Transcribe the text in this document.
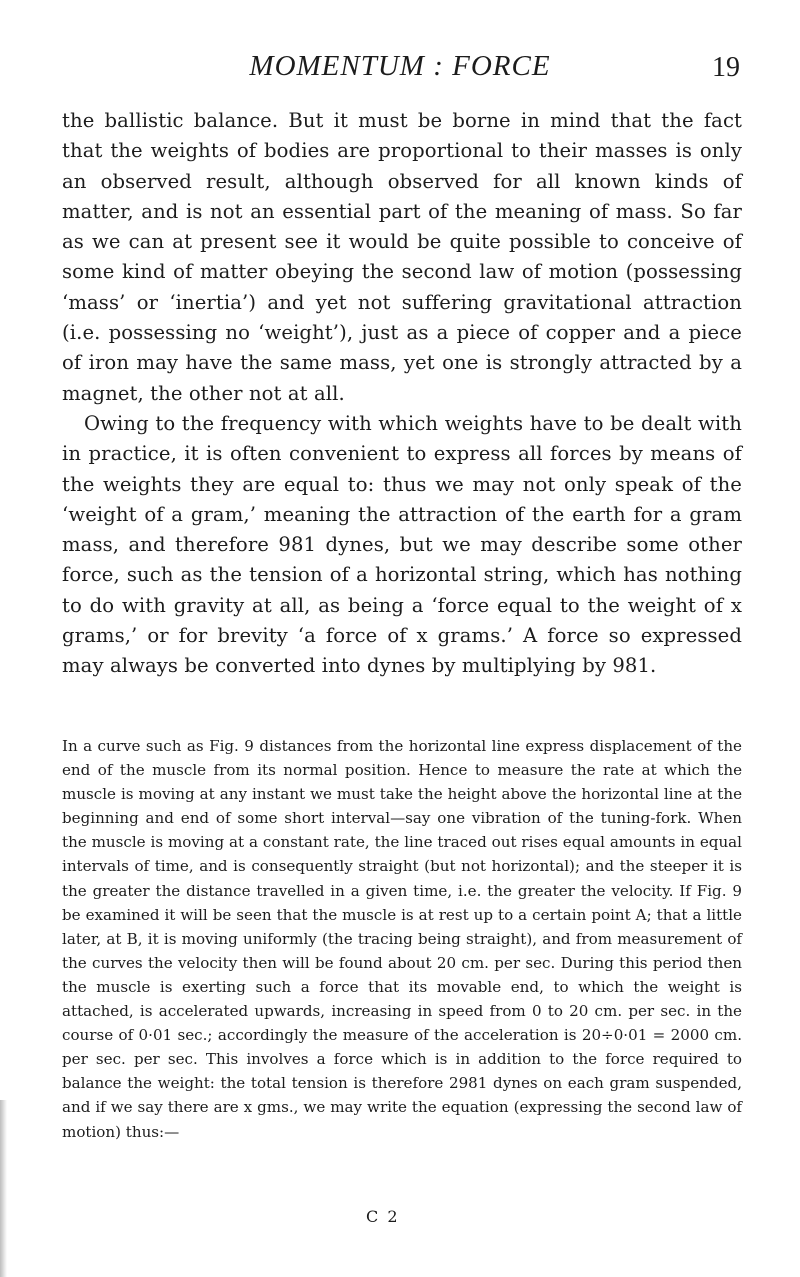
MOMENTUM : FORCE	19

the ballistic balance. But it must be borne in mind that the fact that the weights of bodies are proportional to their masses is only an observed result, although observed for all known kinds of matter, and is not an essential part of the meaning of mass. So far as we can at present see it would be quite possible to conceive of some kind of matter obeying the second law of motion (possessing ‘mass’ or ‘inertia’) and yet not suffering gravitational attraction (i.e. possessing no ‘weight’), just as a piece of copper and a piece of iron may have the same mass, yet one is strongly attracted by a magnet, the other not at all.

Owing to the frequency with which weights have to be dealt with in practice, it is often convenient to express all forces by means of the weights they are equal to: thus we may not only speak of the ‘weight of a gram,’ meaning the attraction of the earth for a gram mass, and therefore 981 dynes, but we may describe some other force, such as the tension of a horizontal string, which has nothing to do with gravity at all, as being a ‘force equal to the weight of x grams,’ or for brevity ‘a force of x grams.’ A force so expressed may always be converted into dynes by multiplying by 981.

In a curve such as Fig. 9 distances from the horizontal line express displacement of the end of the muscle from its normal position. Hence to measure the rate at which the muscle is moving at any instant we must take the height above the horizontal line at the beginning and end of some short interval—say one vibration of the tuning-fork. When the muscle is moving at a constant rate, the line traced out rises equal amounts in equal intervals of time, and is consequently straight (but not horizontal); and the steeper it is the greater the distance travelled in a given time, i.e. the greater the velocity. If Fig. 9 be examined it will be seen that the muscle is at rest up to a certain point A; that a little later, at B, it is moving uniformly (the tracing being straight), and from measurement of the curves the velocity then will be found about 20 cm. per sec. During this period then the muscle is exerting such a force that its movable end, to which the weight is attached, is accelerated upwards, increasing in speed from 0 to 20 cm. per sec. in the course of 0·01 sec.; accordingly the measure of the acceleration is 20÷0·01 = 2000 cm. per sec. per sec. This involves a force which is in addition to the force required to balance the weight: the total tension is therefore 2981 dynes on each gram suspended, and if we say there are x gms., we may write the equation (expressing the second law of motion) thus:—

C 2
